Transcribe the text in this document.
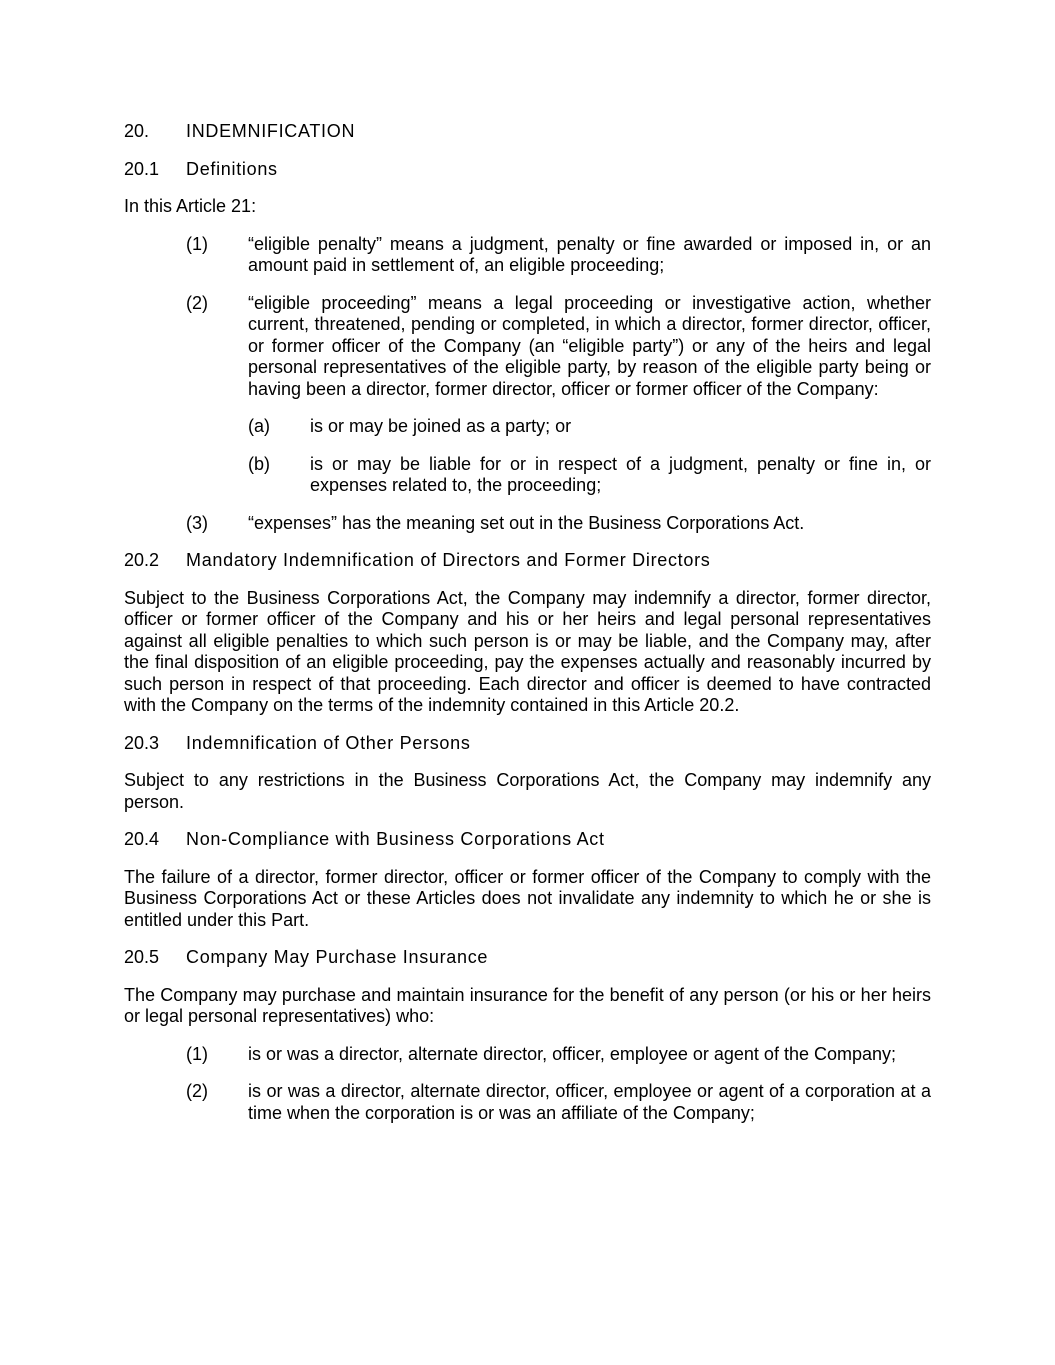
20.	INDEMNIFICATION
20.1	Definitions
In this Article 21:
(1)	“eligible penalty” means a judgment, penalty or fine awarded or imposed in, or an amount paid in settlement of, an eligible proceeding;
(2)	“eligible proceeding” means a legal proceeding or investigative action, whether current, threatened, pending or completed, in which a director, former director, officer, or former officer of the Company (an “eligible party”) or any of the heirs and legal personal representatives of the eligible party, by reason of the eligible party being or having been a director, former director, officer or former officer of the Company:
(a)	is or may be joined as a party; or
(b)	is or may be liable for or in respect of a judgment, penalty or fine in, or expenses related to, the proceeding;
(3)	“expenses” has the meaning set out in the Business Corporations Act.
20.2	Mandatory Indemnification of Directors and Former Directors
Subject to the Business Corporations Act, the Company may indemnify a director, former director, officer or former officer of the Company and his or her heirs and legal personal representatives against all eligible penalties to which such person is or may be liable, and the Company may, after the final disposition of an eligible proceeding, pay the expenses actually and reasonably incurred by such person in respect of that proceeding. Each director and officer is deemed to have contracted with the Company on the terms of the indemnity contained in this Article 20.2.
20.3	Indemnification of Other Persons
Subject to any restrictions in the Business Corporations Act, the Company may indemnify any person.
20.4	Non-Compliance with Business Corporations Act
The failure of a director, former director, officer or former officer of the Company to comply with the Business Corporations Act or these Articles does not invalidate any indemnity to which he or she is entitled under this Part.
20.5	Company May Purchase Insurance
The Company may purchase and maintain insurance for the benefit of any person (or his or her heirs or legal personal representatives) who:
(1)	is or was a director, alternate director, officer, employee or agent of the Company;
(2)	is or was a director, alternate director, officer, employee or agent of a corporation at a time when the corporation is or was an affiliate of the Company;
